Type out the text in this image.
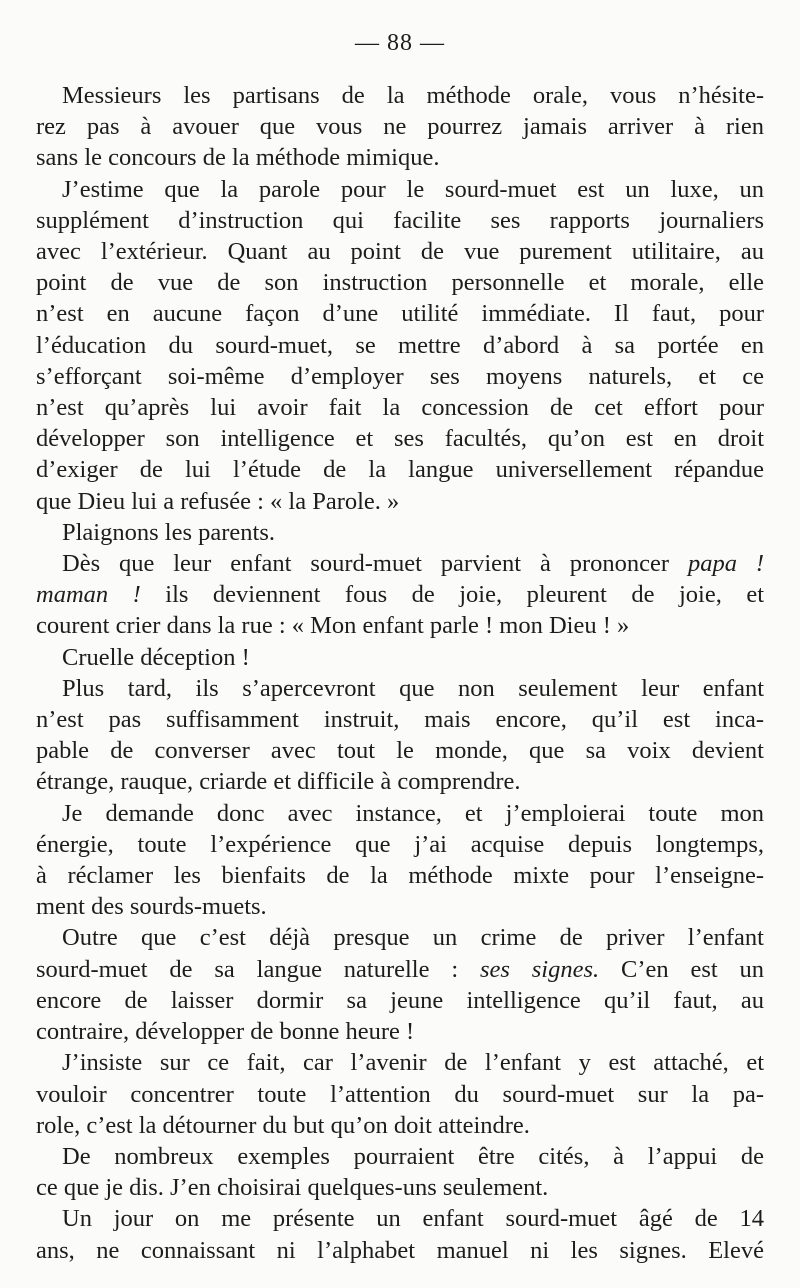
— 88 —
Messieurs les partisans de la méthode orale, vous n’hésite-
rez pas à avouer que vous ne pourrez jamais arriver à rien
sans le concours de la méthode mimique.
J’estime que la parole pour le sourd-muet est un luxe, un
supplément d’instruction qui facilite ses rapports journaliers
avec l’extérieur. Quant au point de vue purement utilitaire, au
point de vue de son instruction personnelle et morale, elle
n’est en aucune façon d’une utilité immédiate. Il faut, pour
l’éducation du sourd-muet, se mettre d’abord à sa portée en
s’efforçant soi-même d’employer ses moyens naturels, et ce
n’est qu’après lui avoir fait la concession de cet effort pour
développer son intelligence et ses facultés, qu’on est en droit
d’exiger de lui l’étude de la langue universellement répandue
que Dieu lui a refusée : « la Parole. »
Plaignons les parents.
Dès que leur enfant sourd-muet parvient à prononcer papa !
maman ! ils deviennent fous de joie, pleurent de joie, et
courent crier dans la rue : « Mon enfant parle ! mon Dieu ! »
Cruelle déception !
Plus tard, ils s’apercevront que non seulement leur enfant
n’est pas suffisamment instruit, mais encore, qu’il est inca-
pable de converser avec tout le monde, que sa voix devient
étrange, rauque, criarde et difficile à comprendre.
Je demande donc avec instance, et j’emploierai toute mon
énergie, toute l’expérience que j’ai acquise depuis longtemps,
à réclamer les bienfaits de la méthode mixte pour l’enseigne-
ment des sourds-muets.
Outre que c’est déjà presque un crime de priver l’enfant
sourd-muet de sa langue naturelle : ses signes. C’en est un
encore de laisser dormir sa jeune intelligence qu’il faut, au
contraire, développer de bonne heure !
J’insiste sur ce fait, car l’avenir de l’enfant y est attaché, et
vouloir concentrer toute l’attention du sourd-muet sur la pa-
role, c’est la détourner du but qu’on doit atteindre.
De nombreux exemples pourraient être cités, à l’appui de
ce que je dis. J’en choisirai quelques-uns seulement.
Un jour on me présente un enfant sourd-muet âgé de 14
ans, ne connaissant ni l’alphabet manuel ni les signes. Elevé
